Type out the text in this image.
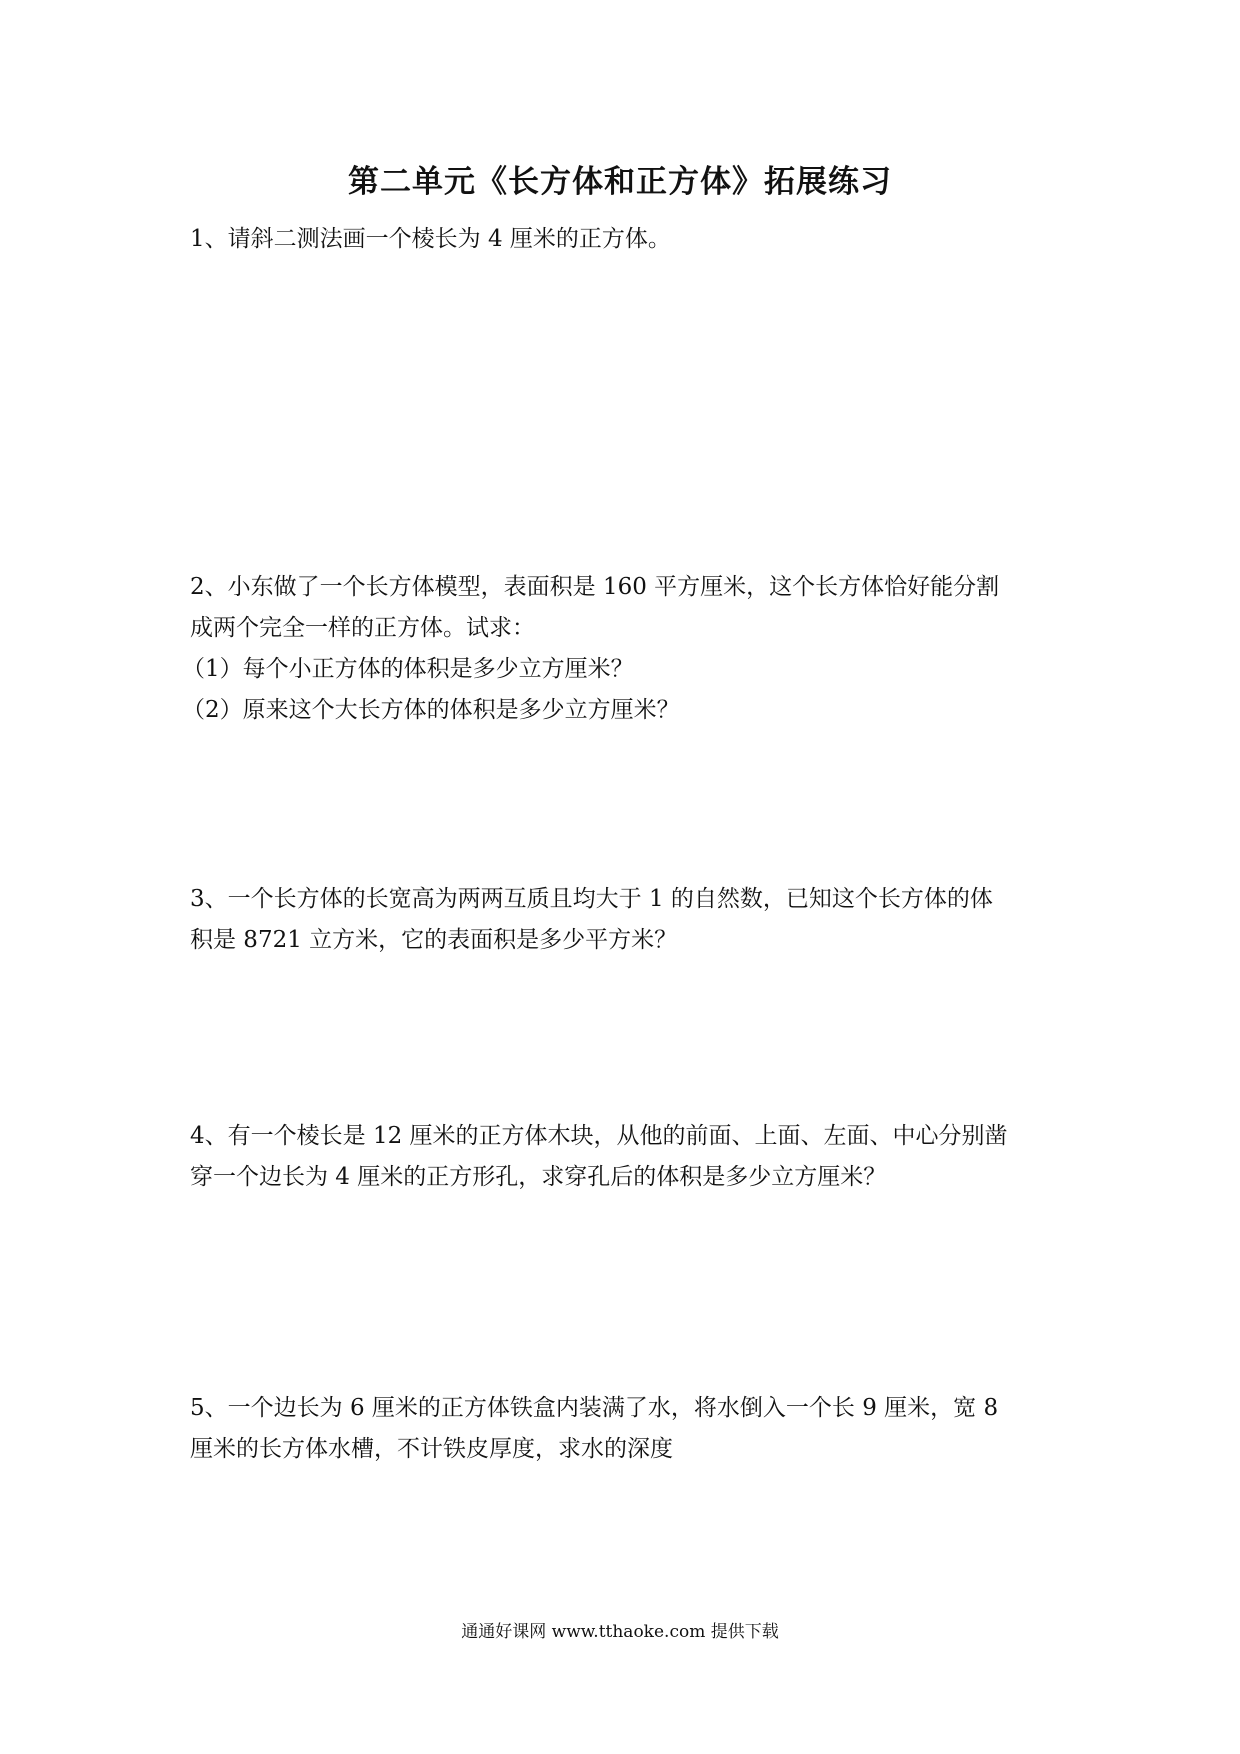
第二单元《长方体和正方体》拓展练习
1、请斜二测法画一个棱长为 4 厘米的正方体。
2、小东做了一个长方体模型，表面积是 160 平方厘米，这个长方体恰好能分割
成两个完全一样的正方体。试求：
（1）每个小正方体的体积是多少立方厘米？
（2）原来这个大长方体的体积是多少立方厘米？
3、一个长方体的长宽高为两两互质且均大于 1 的自然数，已知这个长方体的体
积是 8721 立方米，它的表面积是多少平方米？
4、有一个棱长是 12 厘米的正方体木块，从他的前面、上面、左面、中心分别凿
穿一个边长为 4 厘米的正方形孔，求穿孔后的体积是多少立方厘米？
5、一个边长为 6 厘米的正方体铁盒内装满了水，将水倒入一个长 9 厘米，宽 8
厘米的长方体水槽，不计铁皮厚度，求水的深度
通通好课网 www.tthaoke.com 提供下载
